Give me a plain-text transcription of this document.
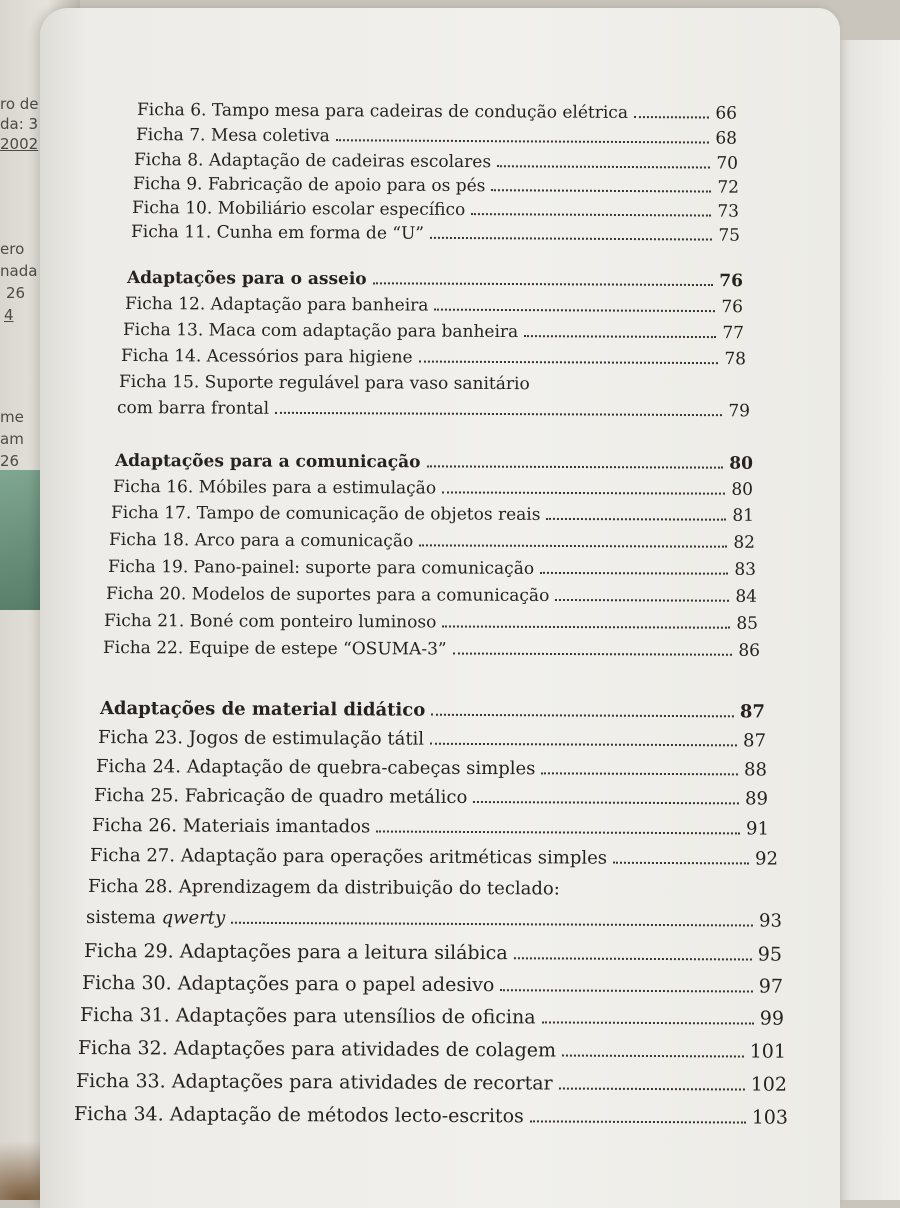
ro de
da: 3
2002
ero
nada
26
4
me
am
26
Ficha 6. Tampo mesa para cadeiras de condução elétrica	66
Ficha 7. Mesa coletiva	68
Ficha 8. Adaptação de cadeiras escolares	70
Ficha 9. Fabricação de apoio para os pés	72
Ficha 10. Mobiliário escolar específico	73
Ficha 11. Cunha em forma de “U”	75
Adaptações para o asseio	76
Ficha 12. Adaptação para banheira	76
Ficha 13. Maca com adaptação para banheira	77
Ficha 14. Acessórios para higiene	78
Ficha 15. Suporte regulável para vaso sanitário
com barra frontal	79
Adaptações para a comunicação	80
Ficha 16. Móbiles para a estimulação	80
Ficha 17. Tampo de comunicação de objetos reais	81
Ficha 18. Arco para a comunicação	82
Ficha 19. Pano-painel: suporte para comunicação	83
Ficha 20. Modelos de suportes para a comunicação	84
Ficha 21. Boné com ponteiro luminoso	85
Ficha 22. Equipe de estepe “OSUMA-3”	86
Adaptações de material didático	87
Ficha 23. Jogos de estimulação tátil	87
Ficha 24. Adaptação de quebra-cabeças simples	88
Ficha 25. Fabricação de quadro metálico	89
Ficha 26. Materiais imantados	91
Ficha 27. Adaptação para operações aritméticas simples	92
Ficha 28. Aprendizagem da distribuição do teclado:
sistema qwerty	93
Ficha 29. Adaptações para a leitura silábica	95
Ficha 30. Adaptações para o papel adesivo	97
Ficha 31. Adaptações para utensílios de oficina	99
Ficha 32. Adaptações para atividades de colagem	101
Ficha 33. Adaptações para atividades de recortar	102
Ficha 34. Adaptação de métodos lecto-escritos	103
